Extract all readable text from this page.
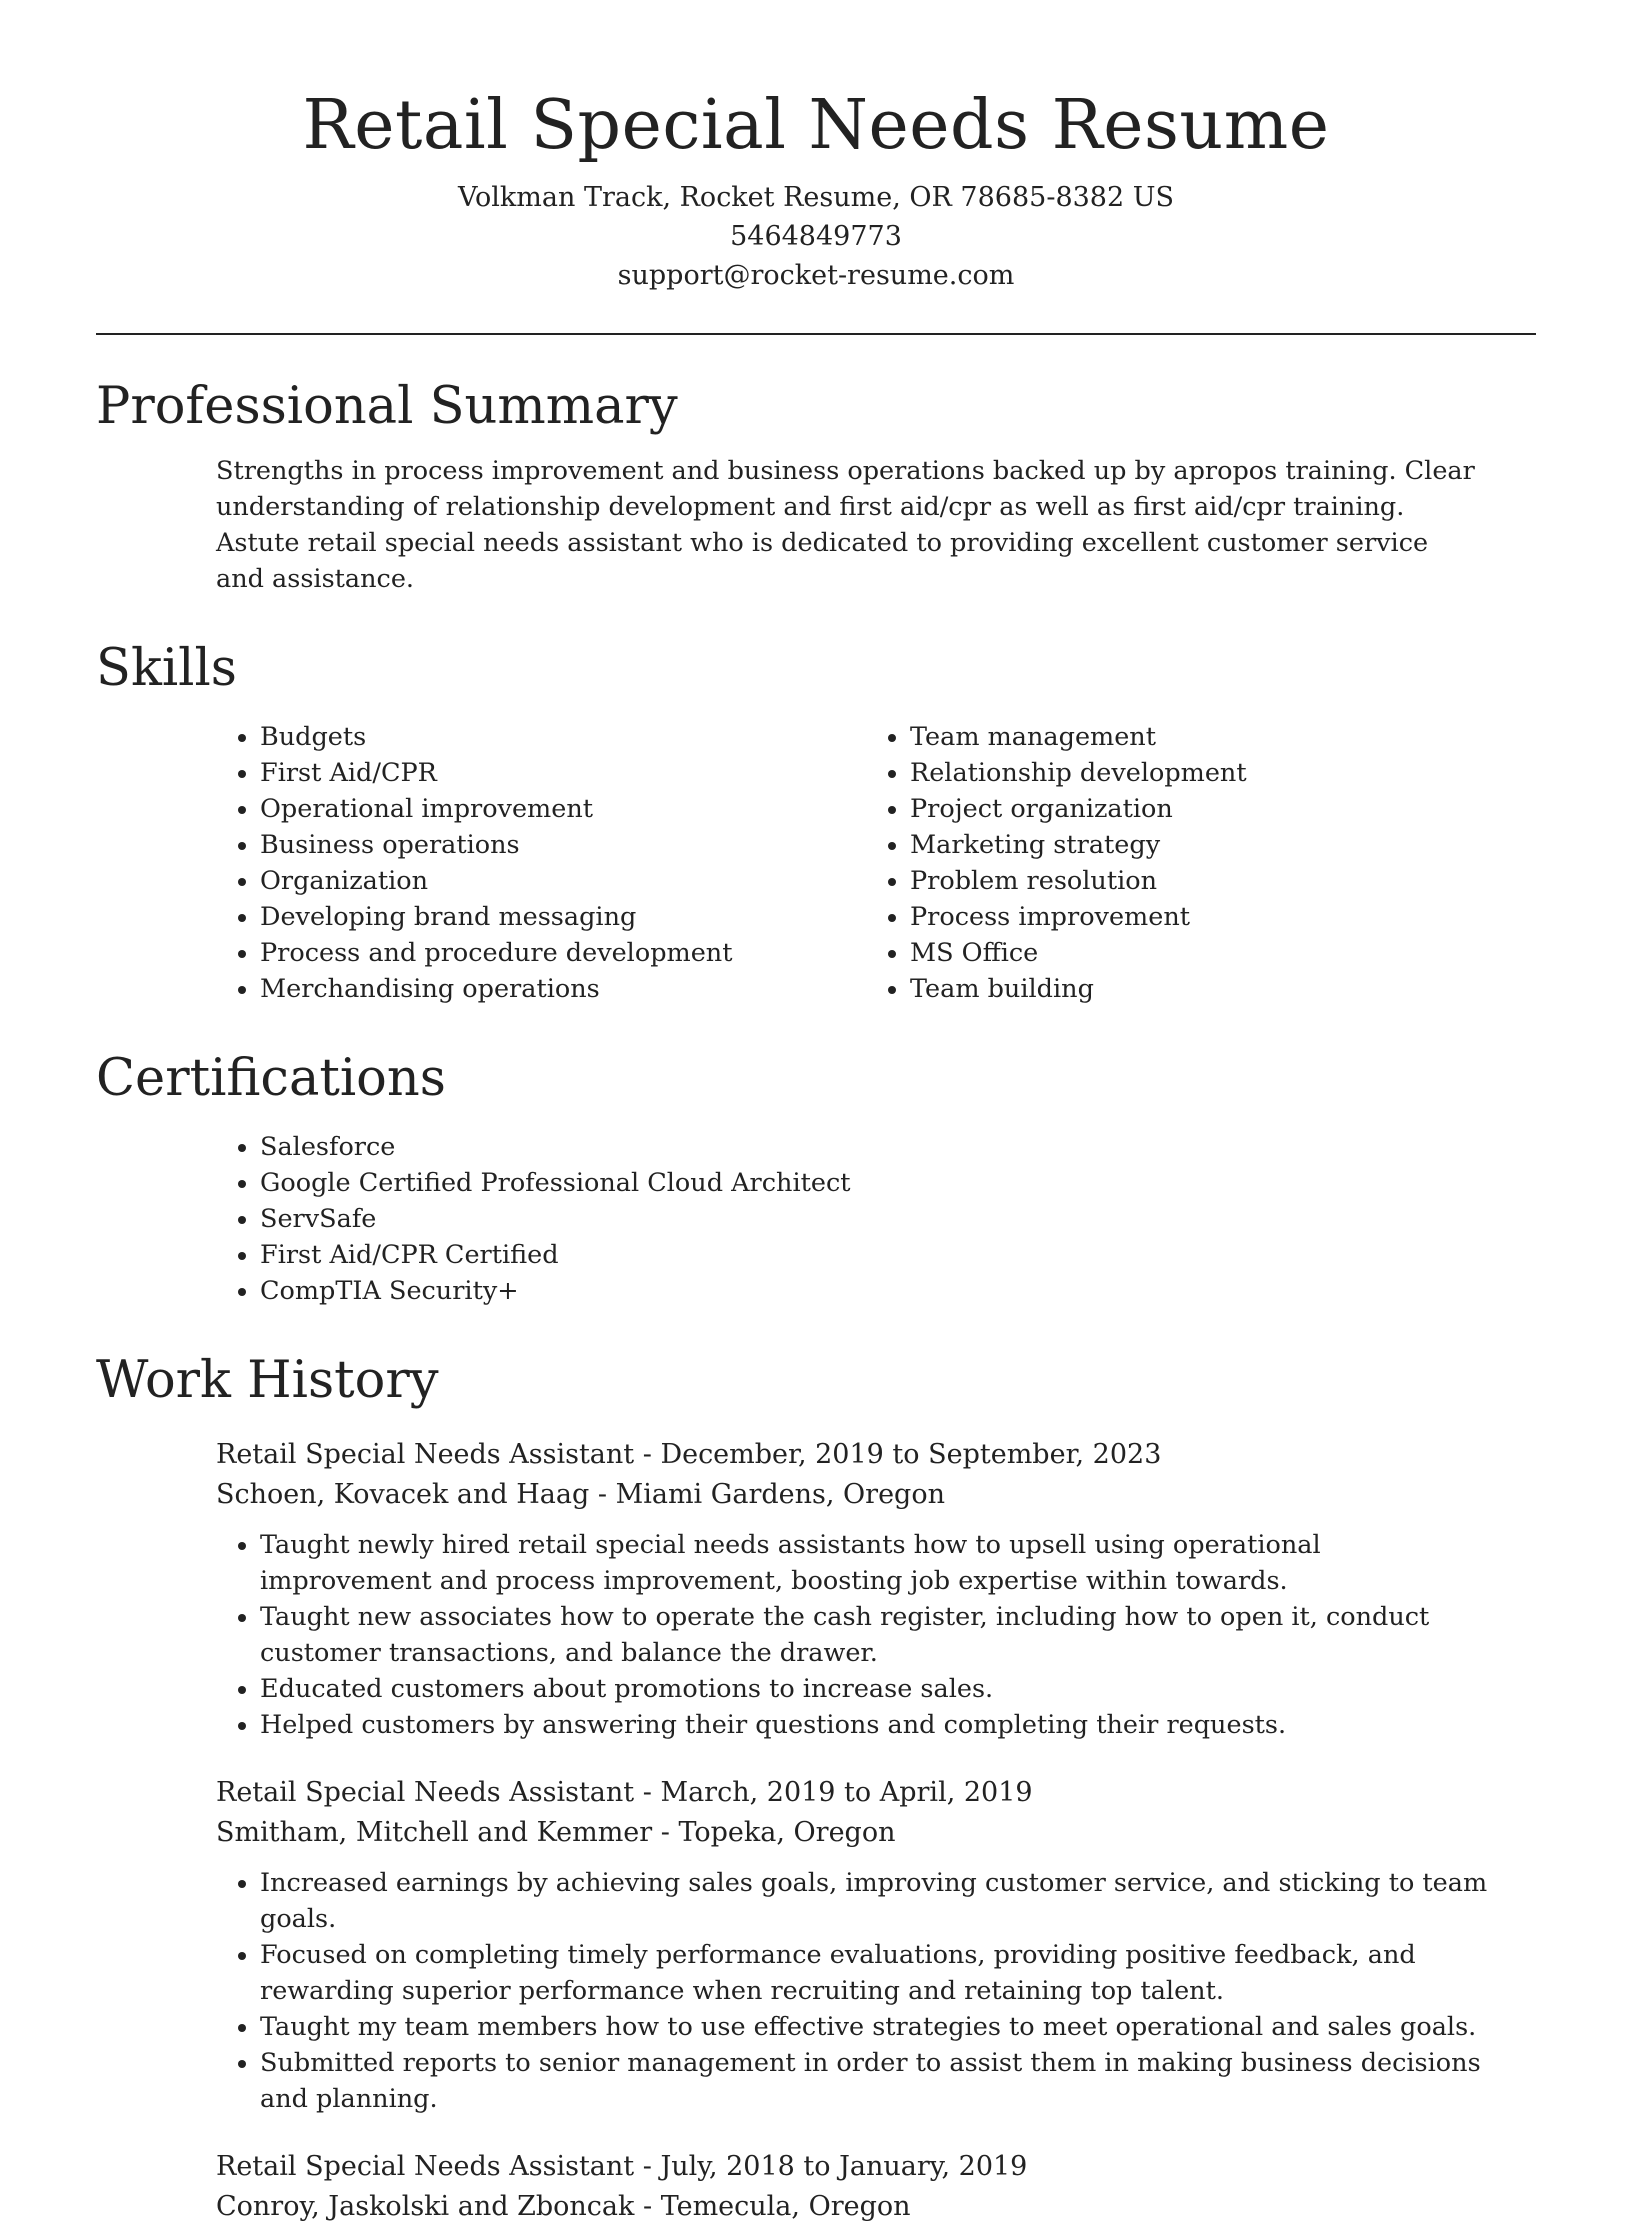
Retail Special Needs Resume
Volkman Track, Rocket Resume, OR 78685-8382 US
5464849773
support@rocket-resume.com
Professional Summary

Strengths in process improvement and business operations backed up by apropos training. Clear understanding of relationship development and first aid/cpr as well as first aid/cpr training. Astute retail special needs assistant who is dedicated to providing excellent customer service and assistance.

Skills
• Budgets
• First Aid/CPR
• Operational improvement
• Business operations
• Organization
• Developing brand messaging
• Process and procedure development
• Merchandising operations
• Team management
• Relationship development
• Project organization
• Marketing strategy
• Problem resolution
• Process improvement
• MS Office
• Team building
Certifications
• Salesforce
• Google Certified Professional Cloud Architect
• ServSafe
• First Aid/CPR Certified
• CompTIA Security+
Work History
Retail Special Needs Assistant - December, 2019 to September, 2023
Schoen, Kovacek and Haag - Miami Gardens, Oregon
• Taught newly hired retail special needs assistants how to upsell using operational improvement and process improvement, boosting job expertise within towards.
• Taught new associates how to operate the cash register, including how to open it, conduct customer transactions, and balance the drawer.
• Educated customers about promotions to increase sales.
• Helped customers by answering their questions and completing their requests.
Retail Special Needs Assistant - March, 2019 to April, 2019
Smitham, Mitchell and Kemmer - Topeka, Oregon
• Increased earnings by achieving sales goals, improving customer service, and sticking to team goals.
• Focused on completing timely performance evaluations, providing positive feedback, and rewarding superior performance when recruiting and retaining top talent.
• Taught my team members how to use effective strategies to meet operational and sales goals.
• Submitted reports to senior management in order to assist them in making business decisions and planning.
Retail Special Needs Assistant - July, 2018 to January, 2019
Conroy, Jaskolski and Zboncak - Temecula, Oregon
